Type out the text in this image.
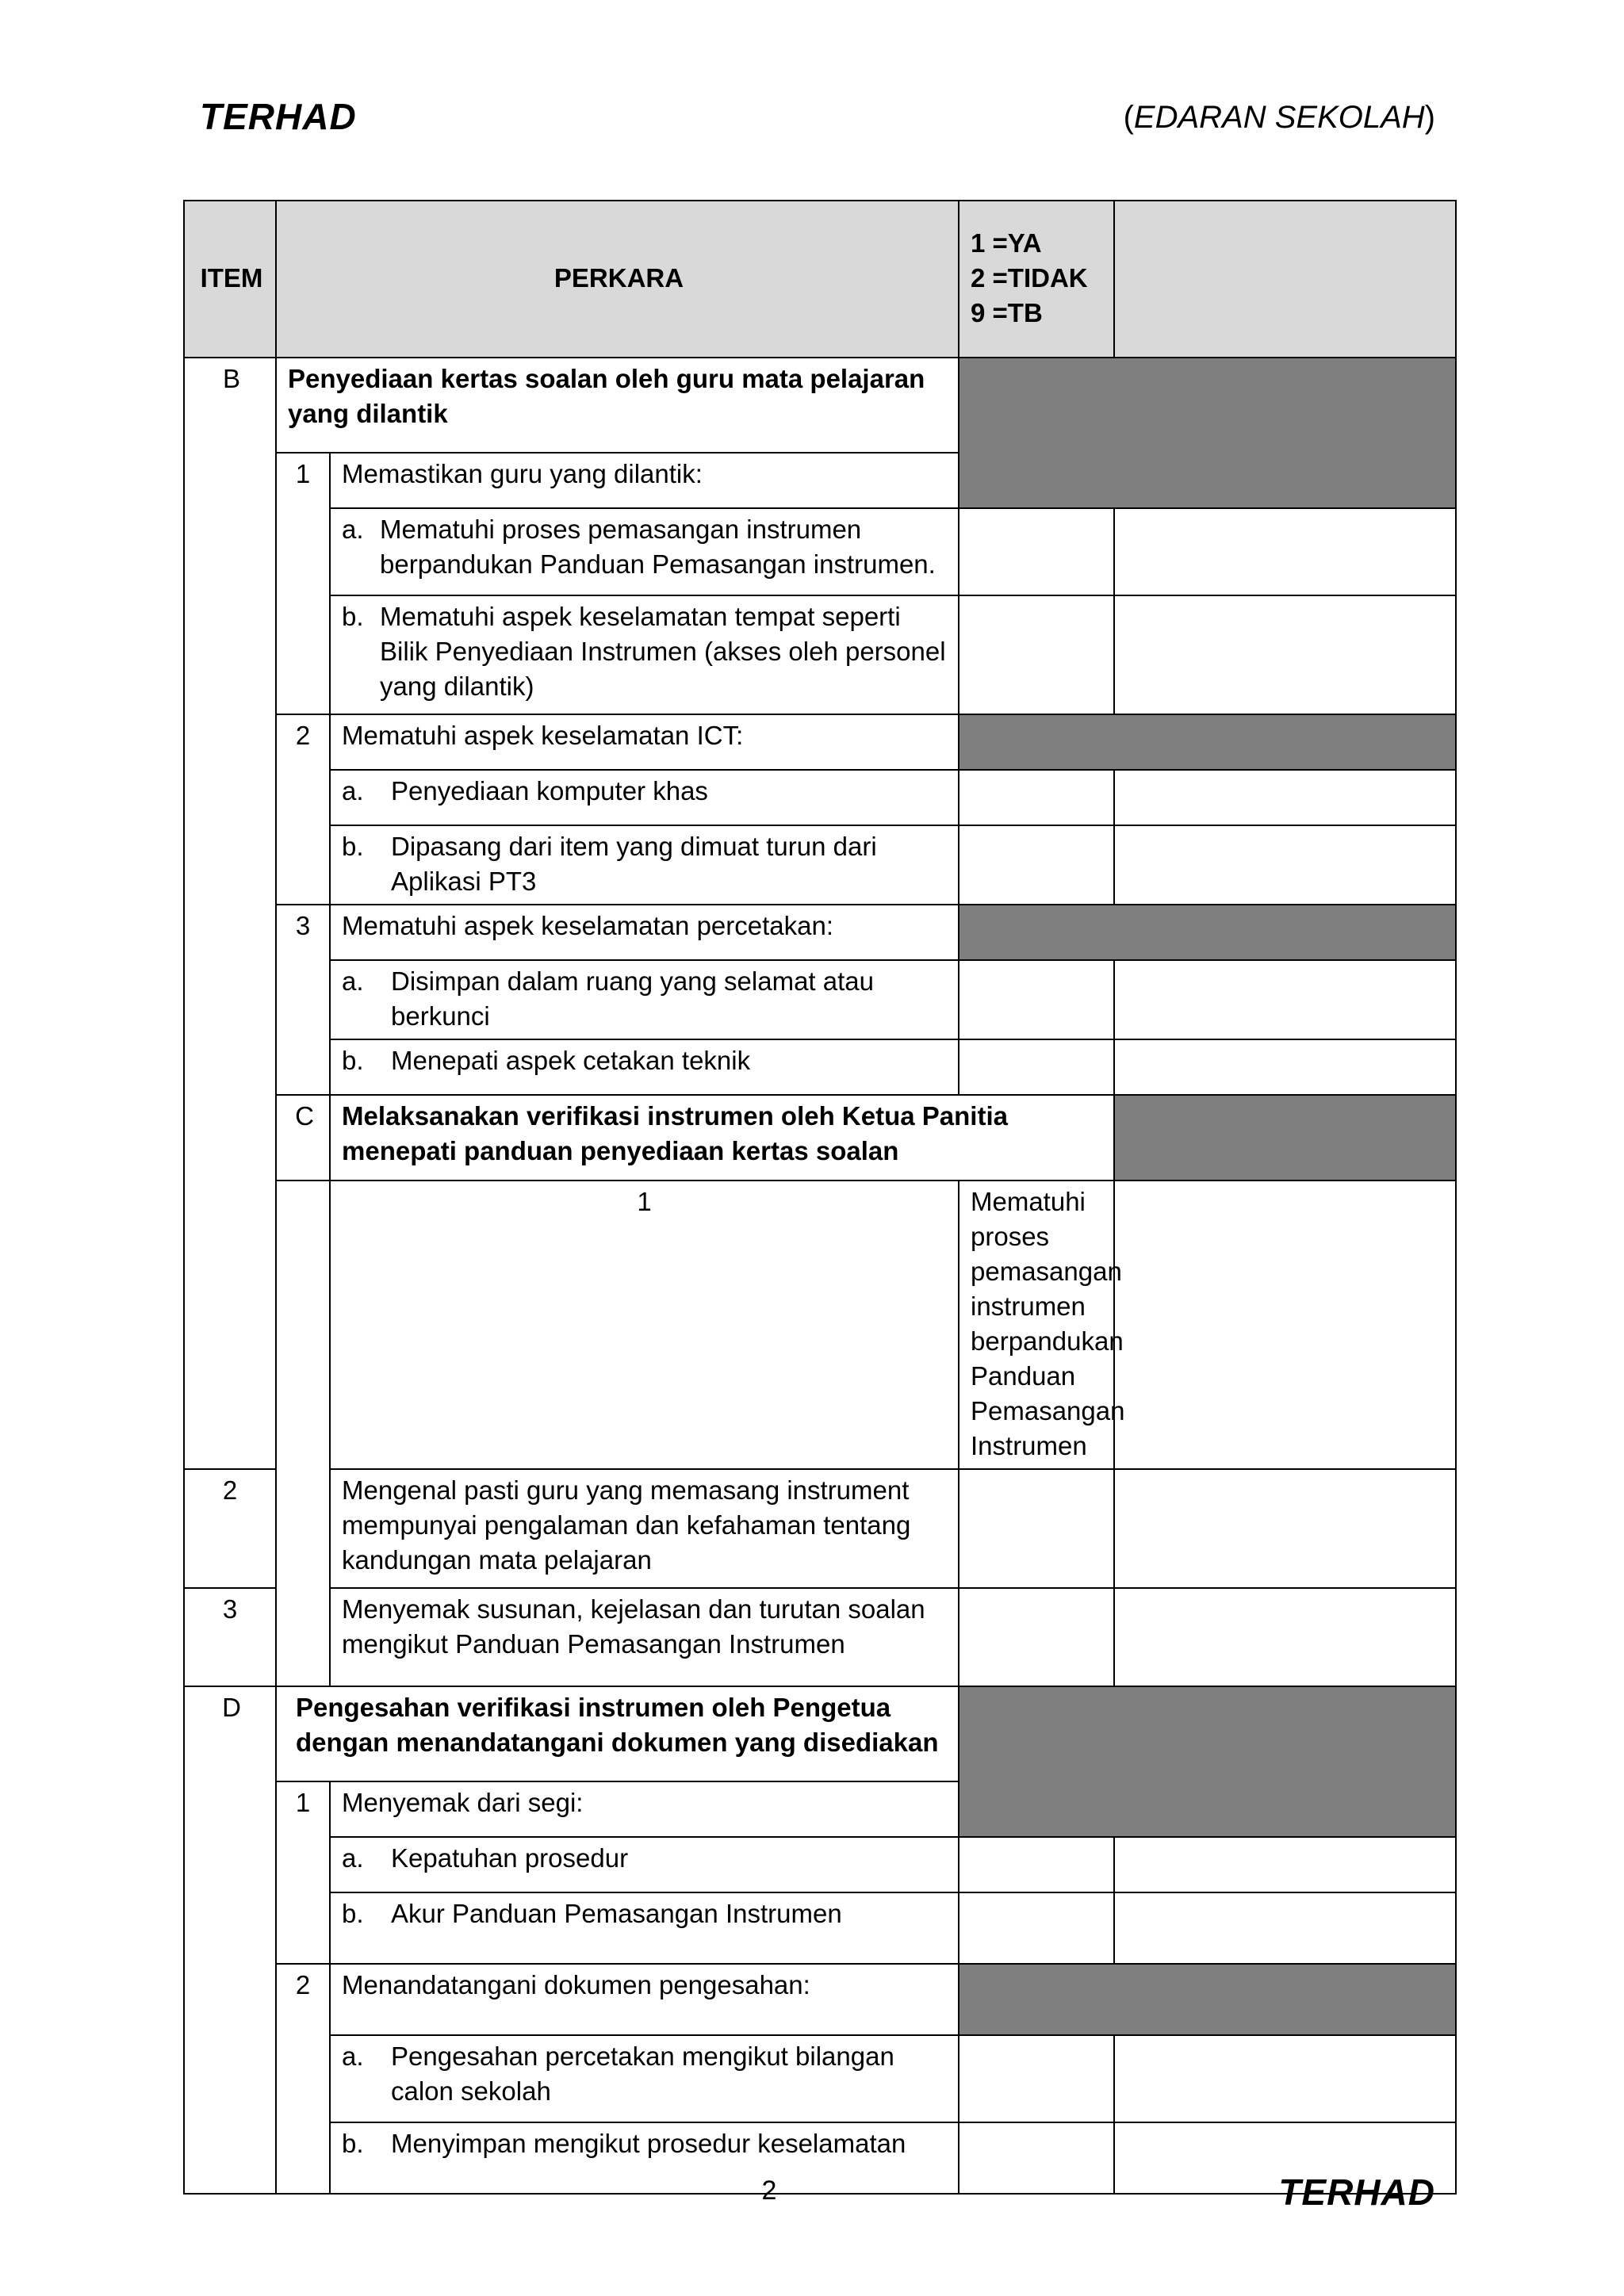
TERHAD	(EDARAN SEKOLAH)
ITEM	PERKARA		1 =YA
2 =TIDAK
9 =TB		

B	Penyediaan kertas soalan oleh guru mata pelajaran yang dilantik				
	1	Memastikan guru yang dilantik:			

		a. Mematuhi proses pemasangan instrumen berpandukan Panduan Pemasangan instrumen.			

		b. Mematuhi aspek keselamatan tempat seperti Bilik Penyediaan Instrumen (akses oleh personel yang dilantik)			

	2	Mematuhi aspek keselamatan ICT:			

		a. Penyediaan komputer khas			

		b. Dipasang dari item yang dimuat turun dari Aplikasi PT3			

	3	Mematuhi aspek keselamatan percetakan:			

		a. Disimpan dalam ruang yang selamat atau berkunci			

		b. Menepati aspek cetakan teknik			

	C	Melaksanakan verifikasi instrumen oleh Ketua Panitia menepati panduan penyediaan kertas soalan			
		1	Mematuhi proses pemasangan instrumen berpandukan Panduan Pemasangan Instrumen		
2		Mengenal pasti guru yang memasang instrument mempunyai pengalaman dan kefahaman tentang kandungan mata pelajaran			
3		Menyemak susunan, kejelasan dan turutan soalan mengikut Panduan Pemasangan Instrumen			
D	Pengesahan verifikasi instrumen oleh Pengetua dengan menandatangani dokumen yang disediakan				
	1	Menyemak dari segi:			

		a. Kepatuhan prosedur			

		b. Akur Panduan Pemasangan Instrumen			

	2	Menandatangani dokumen pengesahan:			

		a. Pengesahan percetakan mengikut bilangan calon sekolah			

		b. Menyimpan mengikut prosedur keselamatan			

2	TERHAD
